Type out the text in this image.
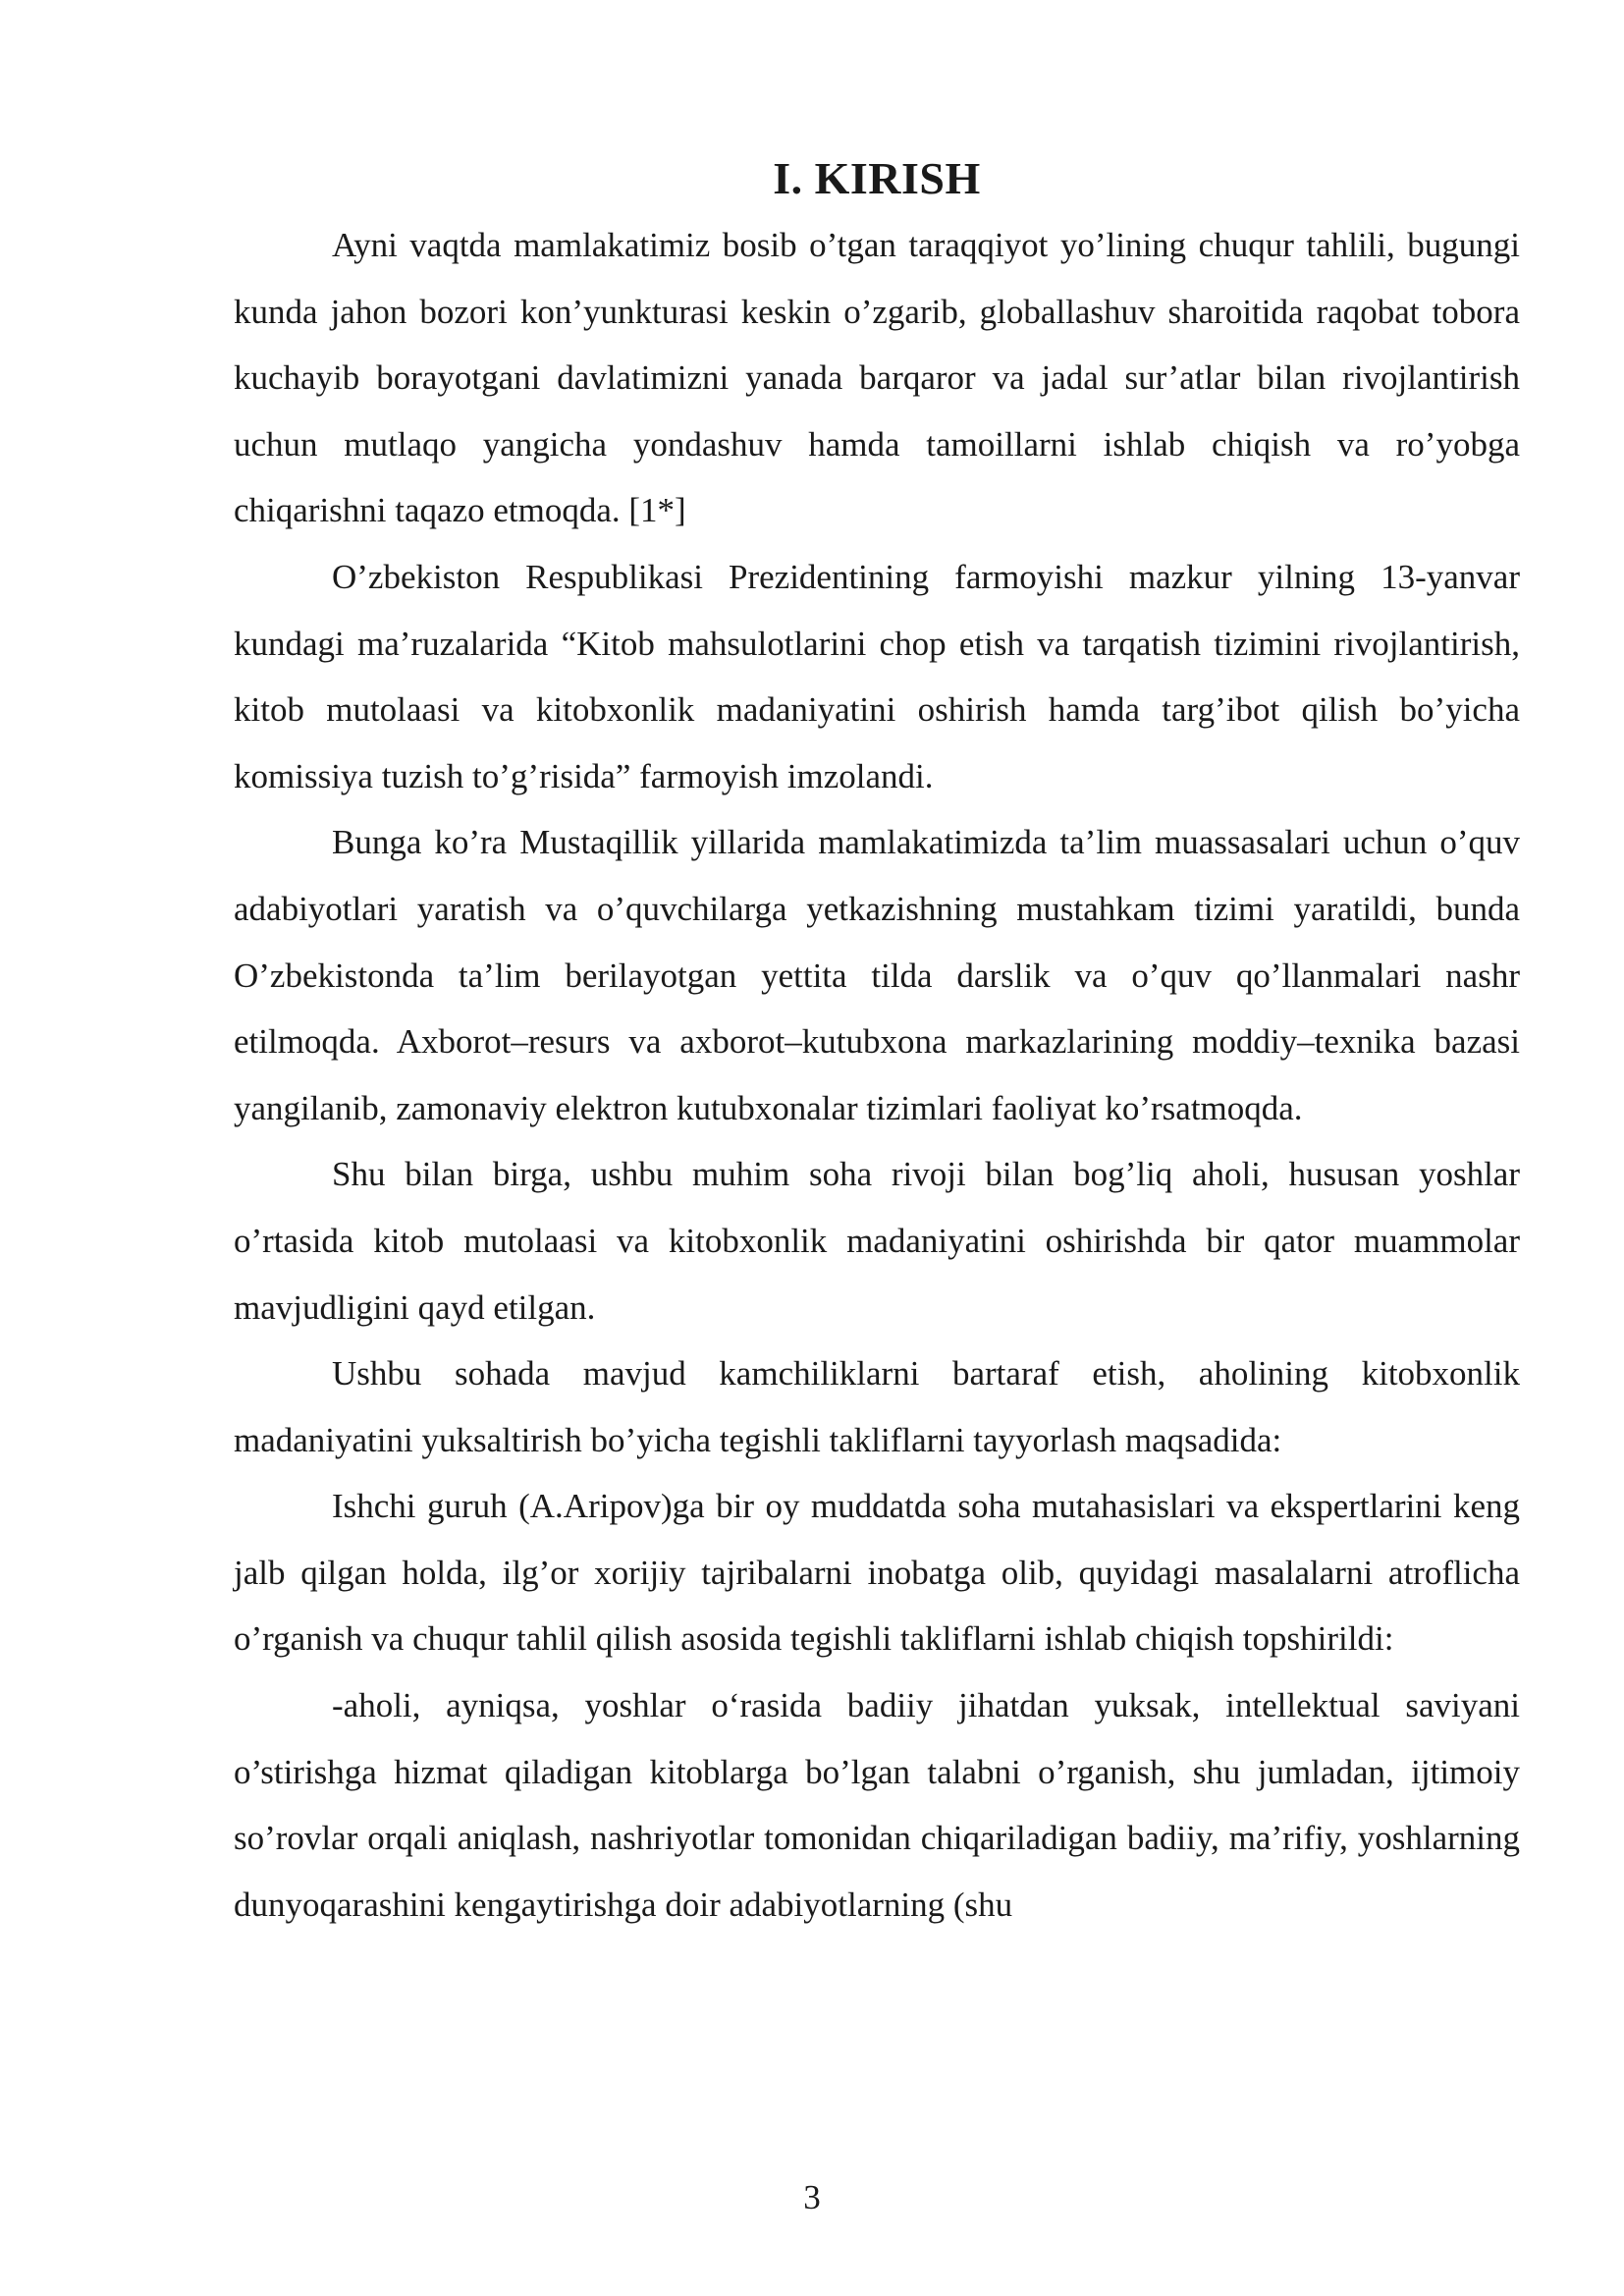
I. KIRISH

Ayni vaqtda mamlakatimiz bosib o’tgan taraqqiyot yo’lining chuqur tahlili, bugungi kunda jahon bozori kon’yunkturasi keskin o’zgarib, globallashuv sharoitida raqobat tobora kuchayib borayotgani davlatimizni yanada barqaror va jadal sur’atlar bilan rivojlantirish uchun mutlaqo yangicha yondashuv hamda tamoillarni ishlab chiqish va ro’yobga chiqarishni taqazo etmoqda. [1*]

O’zbekiston Respublikasi Prezidentining farmoyishi mazkur yilning 13-yanvar kundagi ma’ruzalarida “Kitob mahsulotlarini chop etish va tarqatish tizimini rivojlantirish, kitob mutolaasi va kitobxonlik madaniyatini oshirish hamda targ’ibot qilish bo’yicha komissiya tuzish to’g’risida” farmoyish imzolandi.

Bunga ko’ra Mustaqillik yillarida mamlakatimizda ta’lim muassasalari uchun o’quv adabiyotlari yaratish va o’quvchilarga yetkazishning mustahkam tizimi yaratildi, bunda O’zbekistonda ta’lim berilayotgan yettita tilda darslik va o’quv qo’llanmalari nashr etilmoqda. Axborot–resurs va axborot–kutubxona markazlarining moddiy–texnika bazasi yangilanib, zamonaviy elektron kutubxonalar tizimlari faoliyat ko’rsatmoqda.

Shu bilan birga, ushbu muhim soha rivoji bilan bog’liq aholi, hususan yoshlar o’rtasida kitob mutolaasi va kitobxonlik madaniyatini oshirishda bir qator muammolar mavjudligini qayd etilgan.

Ushbu sohada mavjud kamchiliklarni bartaraf etish, aholining kitobxonlik madaniyatini yuksaltirish bo’yicha tegishli takliflarni tayyorlash maqsadida:

Ishchi guruh (A.Aripov)ga bir oy muddatda soha mutahasislari va ekspertlarini keng jalb qilgan holda, ilg’or xorijiy tajribalarni inobatga olib, quyidagi masalalarni atroflicha o’rganish va chuqur tahlil qilish asosida tegishli takliflarni ishlab chiqish topshirildi:

-aholi, ayniqsa, yoshlar o‘rasida badiiy jihatdan yuksak, intellektual saviyani o’stirishga hizmat qiladigan kitoblarga bo’lgan talabni o’rganish, shu jumladan, ijtimoiy so’rovlar orqali aniqlash, nashriyotlar tomonidan chiqariladigan badiiy, ma’rifiy, yoshlarning dunyoqarashini kengaytirishga doir adabiyotlarning (shu

3
